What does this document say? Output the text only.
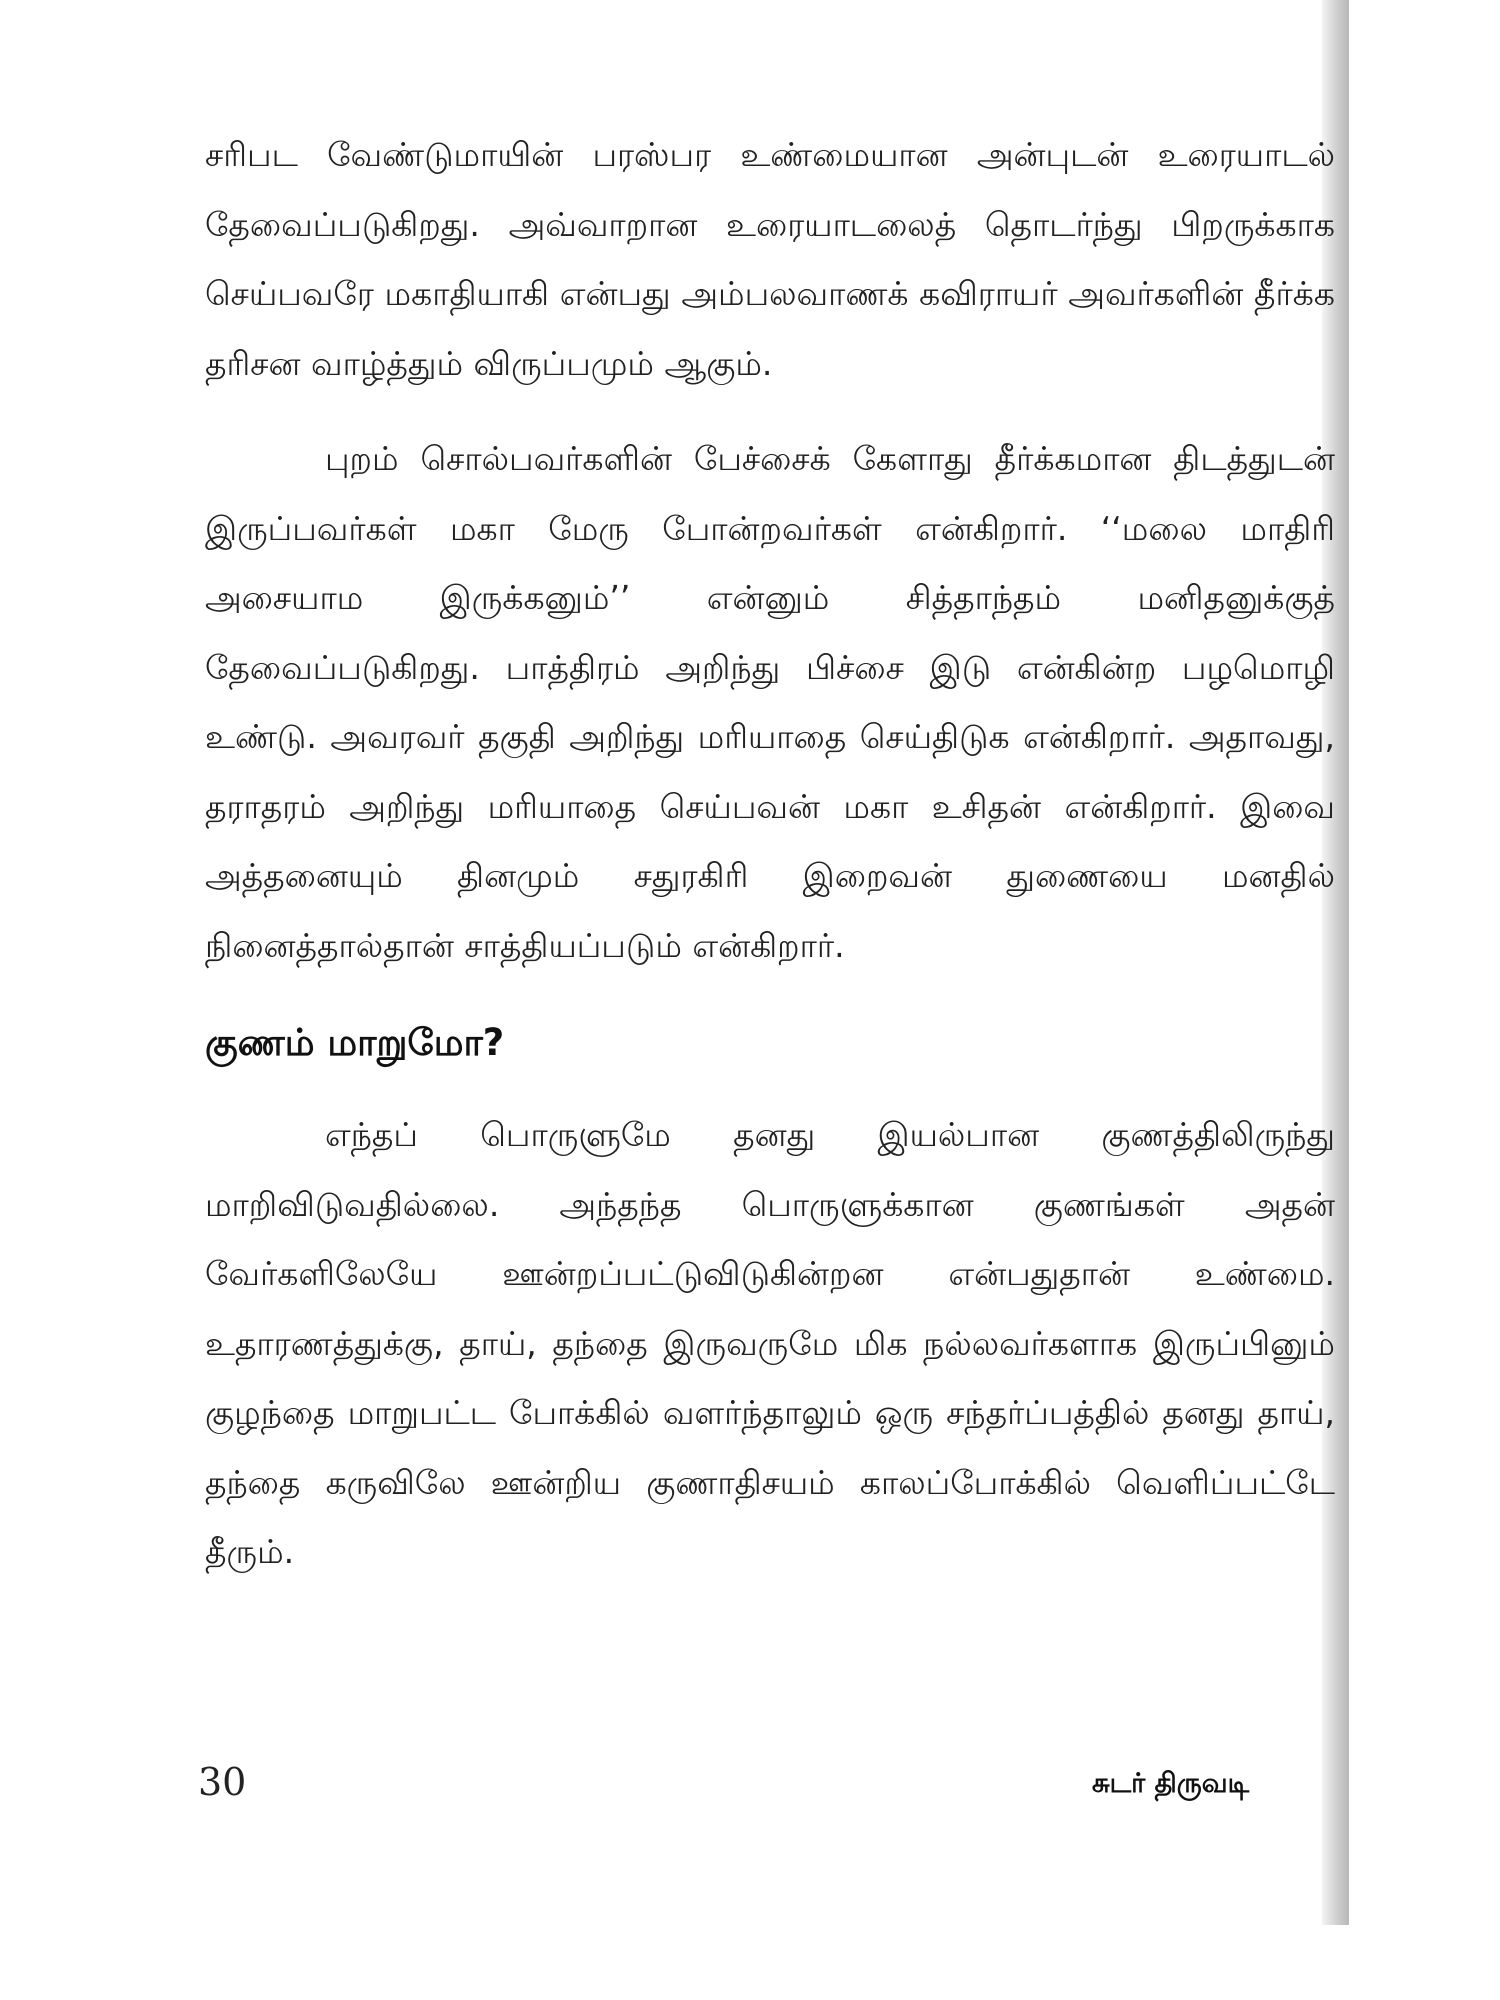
சரிபட வேண்டுமாயின் பரஸ்பர உண்மையான அன்புடன் உரையாடல் தேவைப்படுகிறது. அவ்வாறான உரையாடலைத் தொடர்ந்து பிறருக்காக செய்பவரே மகாதியாகி என்பது அம்பலவாணக் கவிராயர் அவர்களின் தீர்க்க தரிசன வாழ்த்தும் விருப்பமும் ஆகும்.

புறம் சொல்பவர்களின் பேச்சைக் கேளாது தீர்க்கமான திடத்துடன் இருப்பவர்கள் மகா மேரு போன்றவர்கள் என்கிறார். ‘‘மலை மாதிரி அசையாம இருக்கனும்’’ என்னும் சித்தாந்தம் மனிதனுக்குத் தேவைப்படுகிறது. பாத்திரம் அறிந்து பிச்சை இடு என்கின்ற பழமொழி உண்டு. அவரவர் தகுதி அறிந்து மரியாதை செய்திடுக என்கிறார். அதாவது, தராதரம் அறிந்து மரியாதை செய்பவன் மகா உசிதன் என்கிறார். இவை அத்தனையும் தினமும் சதுரகிரி இறைவன் துணையை மனதில் நினைத்தால்தான் சாத்தியப்படும் என்கிறார்.

குணம் மாறுமோ?

எந்தப் பொருளுமே தனது இயல்பான குணத்திலிருந்து மாறிவிடுவதில்லை. அந்தந்த பொருளுக்கான குணங்கள் அதன் வேர்களிலேயே ஊன்றப்பட்டுவிடுகின்றன என்பதுதான் உண்மை. உதாரணத்துக்கு, தாய், தந்தை இருவருமே மிக நல்லவர்களாக இருப்பினும் குழந்தை மாறுபட்ட போக்கில் வளர்ந்தாலும் ஒரு சந்தர்ப்பத்தில் தனது தாய், தந்தை கருவிலே ஊன்றிய குணாதிசயம் காலப்போக்கில் வெளிப்பட்டே தீரும்.

30	சுடர் திருவடி
